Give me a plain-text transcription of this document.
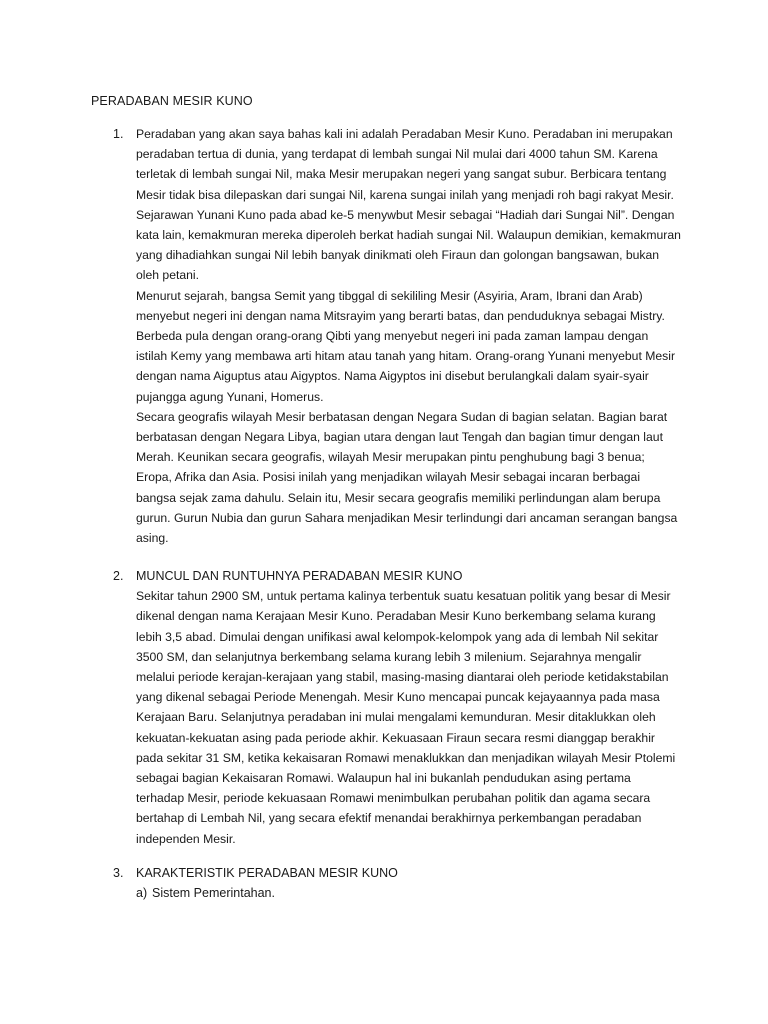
PERADABAN MESIR KUNO
1. Peradaban yang akan saya bahas kali ini adalah Peradaban Mesir Kuno. Peradaban ini merupakan peradaban tertua di dunia, yang terdapat di lembah sungai Nil mulai dari 4000 tahun SM. Karena terletak di lembah sungai Nil, maka Mesir merupakan negeri yang sangat subur. Berbicara tentang Mesir tidak bisa dilepaskan dari sungai Nil, karena sungai inilah yang menjadi roh bagi rakyat Mesir. Sejarawan Yunani Kuno pada abad ke-5 menywbut Mesir sebagai “Hadiah dari Sungai Nil”. Dengan kata lain, kemakmuran mereka diperoleh berkat hadiah sungai Nil. Walaupun demikian, kemakmuran yang dihadiahkan sungai Nil lebih banyak dinikmati oleh Firaun dan golongan bangsawan, bukan oleh petani.

Menurut sejarah, bangsa Semit yang tibggal di sekililing Mesir (Asyiria, Aram, Ibrani dan Arab) menyebut negeri ini dengan nama Mitsrayim yang berarti batas, dan penduduknya sebagai Mistry. Berbeda pula dengan orang-orang Qibti yang menyebut negeri ini pada zaman lampau dengan istilah Kemy yang membawa arti hitam atau tanah yang hitam. Orang-orang Yunani menyebut Mesir dengan nama Aiguptus atau Aigyptos. Nama Aigyptos ini disebut berulangkali dalam syair-syair pujangga agung Yunani, Homerus.

Secara geografis wilayah Mesir berbatasan dengan Negara Sudan di bagian selatan. Bagian barat berbatasan dengan Negara Libya, bagian utara dengan laut Tengah dan bagian timur dengan laut Merah. Keunikan secara geografis, wilayah Mesir merupakan pintu penghubung bagi 3 benua; Eropa, Afrika dan Asia. Posisi inilah yang menjadikan wilayah Mesir sebagai incaran berbagai bangsa sejak zama dahulu. Selain itu, Mesir secara geografis memiliki perlindungan alam berupa gurun. Gurun Nubia dan gurun Sahara menjadikan Mesir terlindungi dari ancaman serangan bangsa asing.

2. MUNCUL DAN RUNTUHNYA PERADABAN MESIR KUNO

Sekitar tahun 2900 SM, untuk pertama kalinya terbentuk suatu kesatuan politik yang besar di Mesir dikenal dengan nama Kerajaan Mesir Kuno. Peradaban Mesir Kuno berkembang selama kurang lebih 3,5 abad. Dimulai dengan unifikasi awal kelompok-kelompok yang ada di lembah Nil sekitar 3500 SM, dan selanjutnya berkembang selama kurang lebih 3 milenium. Sejarahnya mengalir melalui periode kerajan-kerajaan yang stabil, masing-masing diantarai oleh periode ketidakstabilan yang dikenal sebagai Periode Menengah. Mesir Kuno mencapai puncak kejayaannya pada masa Kerajaan Baru. Selanjutnya peradaban ini mulai mengalami kemunduran. Mesir ditaklukkan oleh kekuatan-kekuatan asing pada periode akhir. Kekuasaan Firaun secara resmi dianggap berakhir pada sekitar 31 SM, ketika kekaisaran Romawi menaklukkan dan menjadikan wilayah Mesir Ptolemi sebagai bagian Kekaisaran Romawi. Walaupun hal ini bukanlah pendudukan asing pertama terhadap Mesir, periode kekuasaan Romawi menimbulkan perubahan politik dan agama secara bertahap di Lembah Nil, yang secara efektif menandai berakhirnya perkembangan peradaban independen Mesir.

3. KARAKTERISTIK PERADABAN MESIR KUNO

a) Sistem Pemerintahan.
